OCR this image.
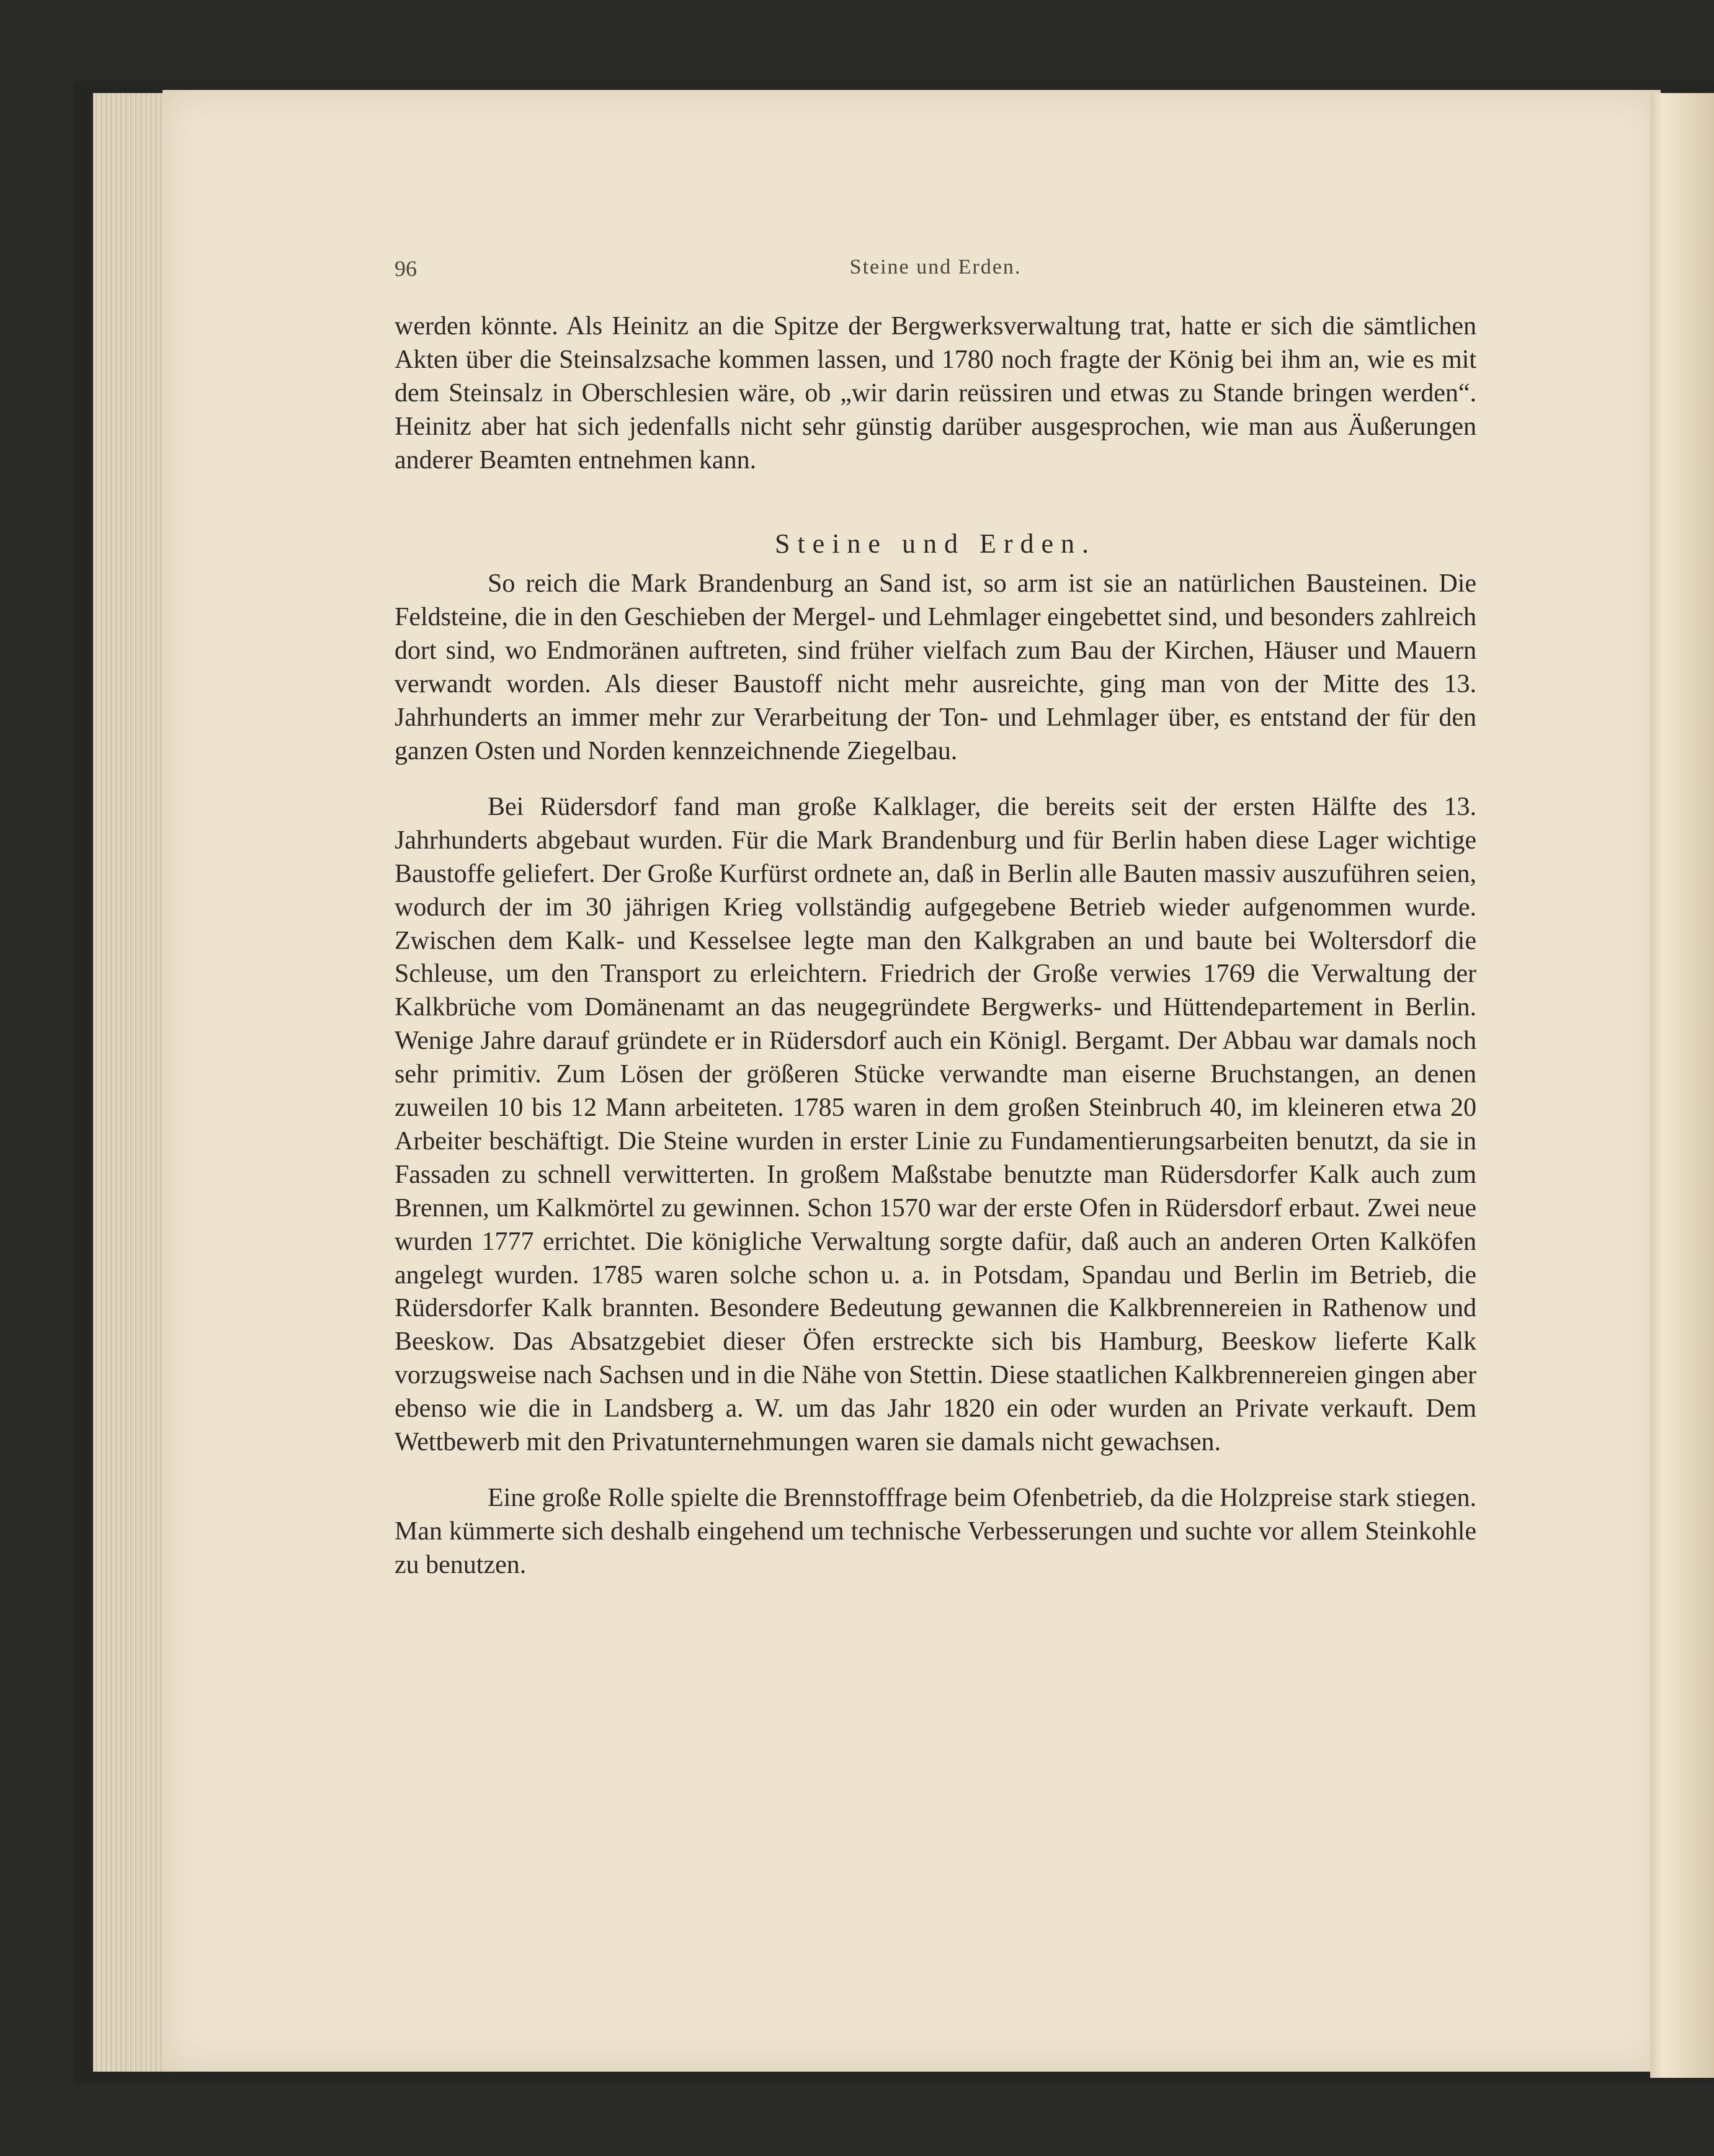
96	Steine und Erden.

werden könnte. Als Heinitz an die Spitze der Bergwerksverwaltung trat, hatte er sich die sämtlichen Akten über die Steinsalzsache kommen lassen, und 1780 noch fragte der König bei ihm an, wie es mit dem Steinsalz in Oberschlesien wäre, ob „wir darin reüssiren und etwas zu Stande bringen werden“. Heinitz aber hat sich jedenfalls nicht sehr günstig darüber ausgesprochen, wie man aus Äußerungen anderer Beamten entnehmen kann.

Steine und Erden.

So reich die Mark Brandenburg an Sand ist, so arm ist sie an natürlichen Bausteinen. Die Feldsteine, die in den Geschieben der Mergel- und Lehmlager eingebettet sind, und besonders zahlreich dort sind, wo Endmoränen auftreten, sind früher vielfach zum Bau der Kirchen, Häuser und Mauern verwandt worden. Als dieser Baustoff nicht mehr ausreichte, ging man von der Mitte des 13. Jahrhunderts an immer mehr zur Verarbeitung der Ton- und Lehmlager über, es entstand der für den ganzen Osten und Norden kennzeichnende Ziegelbau.

Bei Rüdersdorf fand man große Kalklager, die bereits seit der ersten Hälfte des 13. Jahrhunderts abgebaut wurden. Für die Mark Brandenburg und für Berlin haben diese Lager wichtige Baustoffe geliefert. Der Große Kurfürst ordnete an, daß in Berlin alle Bauten massiv auszuführen seien, wodurch der im 30 jährigen Krieg vollständig aufgegebene Betrieb wieder aufgenommen wurde. Zwischen dem Kalk- und Kesselsee legte man den Kalkgraben an und baute bei Woltersdorf die Schleuse, um den Transport zu erleichtern. Friedrich der Große verwies 1769 die Verwaltung der Kalkbrüche vom Domänenamt an das neugegründete Bergwerks- und Hüttendepartement in Berlin. Wenige Jahre darauf gründete er in Rüdersdorf auch ein Königl. Bergamt. Der Abbau war damals noch sehr primitiv. Zum Lösen der größeren Stücke verwandte man eiserne Bruchstangen, an denen zuweilen 10 bis 12 Mann arbeiteten. 1785 waren in dem großen Steinbruch 40, im kleineren etwa 20 Arbeiter beschäftigt. Die Steine wurden in erster Linie zu Fundamentierungsarbeiten benutzt, da sie in Fassaden zu schnell verwitterten. In großem Maßstabe benutzte man Rüdersdorfer Kalk auch zum Brennen, um Kalkmörtel zu gewinnen. Schon 1570 war der erste Ofen in Rüdersdorf erbaut. Zwei neue wurden 1777 errichtet. Die königliche Verwaltung sorgte dafür, daß auch an anderen Orten Kalköfen angelegt wurden. 1785 waren solche schon u. a. in Potsdam, Spandau und Berlin im Betrieb, die Rüdersdorfer Kalk brannten. Besondere Bedeutung gewannen die Kalkbrennereien in Rathenow und Beeskow. Das Absatzgebiet dieser Öfen erstreckte sich bis Hamburg, Beeskow lieferte Kalk vorzugsweise nach Sachsen und in die Nähe von Stettin. Diese staatlichen Kalkbrennereien gingen aber ebenso wie die in Landsberg a. W. um das Jahr 1820 ein oder wurden an Private verkauft. Dem Wettbewerb mit den Privatunternehmungen waren sie damals nicht gewachsen.

Eine große Rolle spielte die Brennstofffrage beim Ofenbetrieb, da die Holzpreise stark stiegen. Man kümmerte sich deshalb eingehend um technische Verbesserungen und suchte vor allem Steinkohle zu benutzen.
